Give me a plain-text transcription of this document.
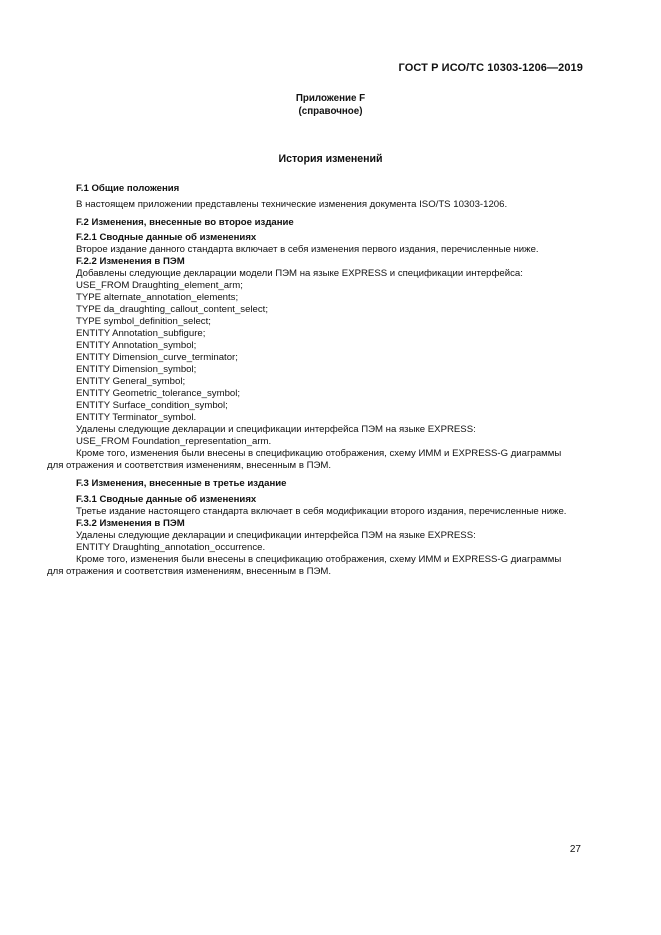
ГОСТ Р ИСО/ТС 10303-1206—2019
Приложение F
(справочное)
История изменений
F.1 Общие положения
В настоящем приложении представлены технические изменения документа ISO/TS 10303-1206.
F.2 Изменения, внесенные во второе издание
F.2.1 Сводные данные об изменениях
Второе издание данного стандарта включает в себя изменения первого издания, перечисленные ниже.
F.2.2 Изменения в ПЭМ
Добавлены следующие декларации модели ПЭМ на языке EXPRESS и спецификации интерфейса:
USE_FROM Draughting_element_arm;
TYPE alternate_annotation_elements;
TYPE da_draughting_callout_content_select;
TYPE symbol_definition_select;
ENTITY Annotation_subfigure;
ENTITY Annotation_symbol;
ENTITY Dimension_curve_terminator;
ENTITY Dimension_symbol;
ENTITY General_symbol;
ENTITY Geometric_tolerance_symbol;
ENTITY Surface_condition_symbol;
ENTITY Terminator_symbol.
Удалены следующие декларации и спецификации интерфейса ПЭМ на языке EXPRESS:
USE_FROM Foundation_representation_arm.
Кроме того, изменения были внесены в спецификацию отображения, схему ИММ и EXPRESS-G диаграммы
для отражения и соответствия изменениям, внесенным в ПЭМ.
F.3 Изменения, внесенные в третье издание
F.3.1 Сводные данные об изменениях
Третье издание настоящего стандарта включает в себя модификации второго издания, перечисленные ниже.
F.3.2 Изменения в ПЭМ
Удалены следующие декларации и спецификации интерфейса ПЭМ на языке EXPRESS:
ENTITY Draughting_annotation_occurrence.
Кроме того, изменения были внесены в спецификацию отображения, схему ИММ и EXPRESS-G диаграммы
для отражения и соответствия изменениям, внесенным в ПЭМ.
27
